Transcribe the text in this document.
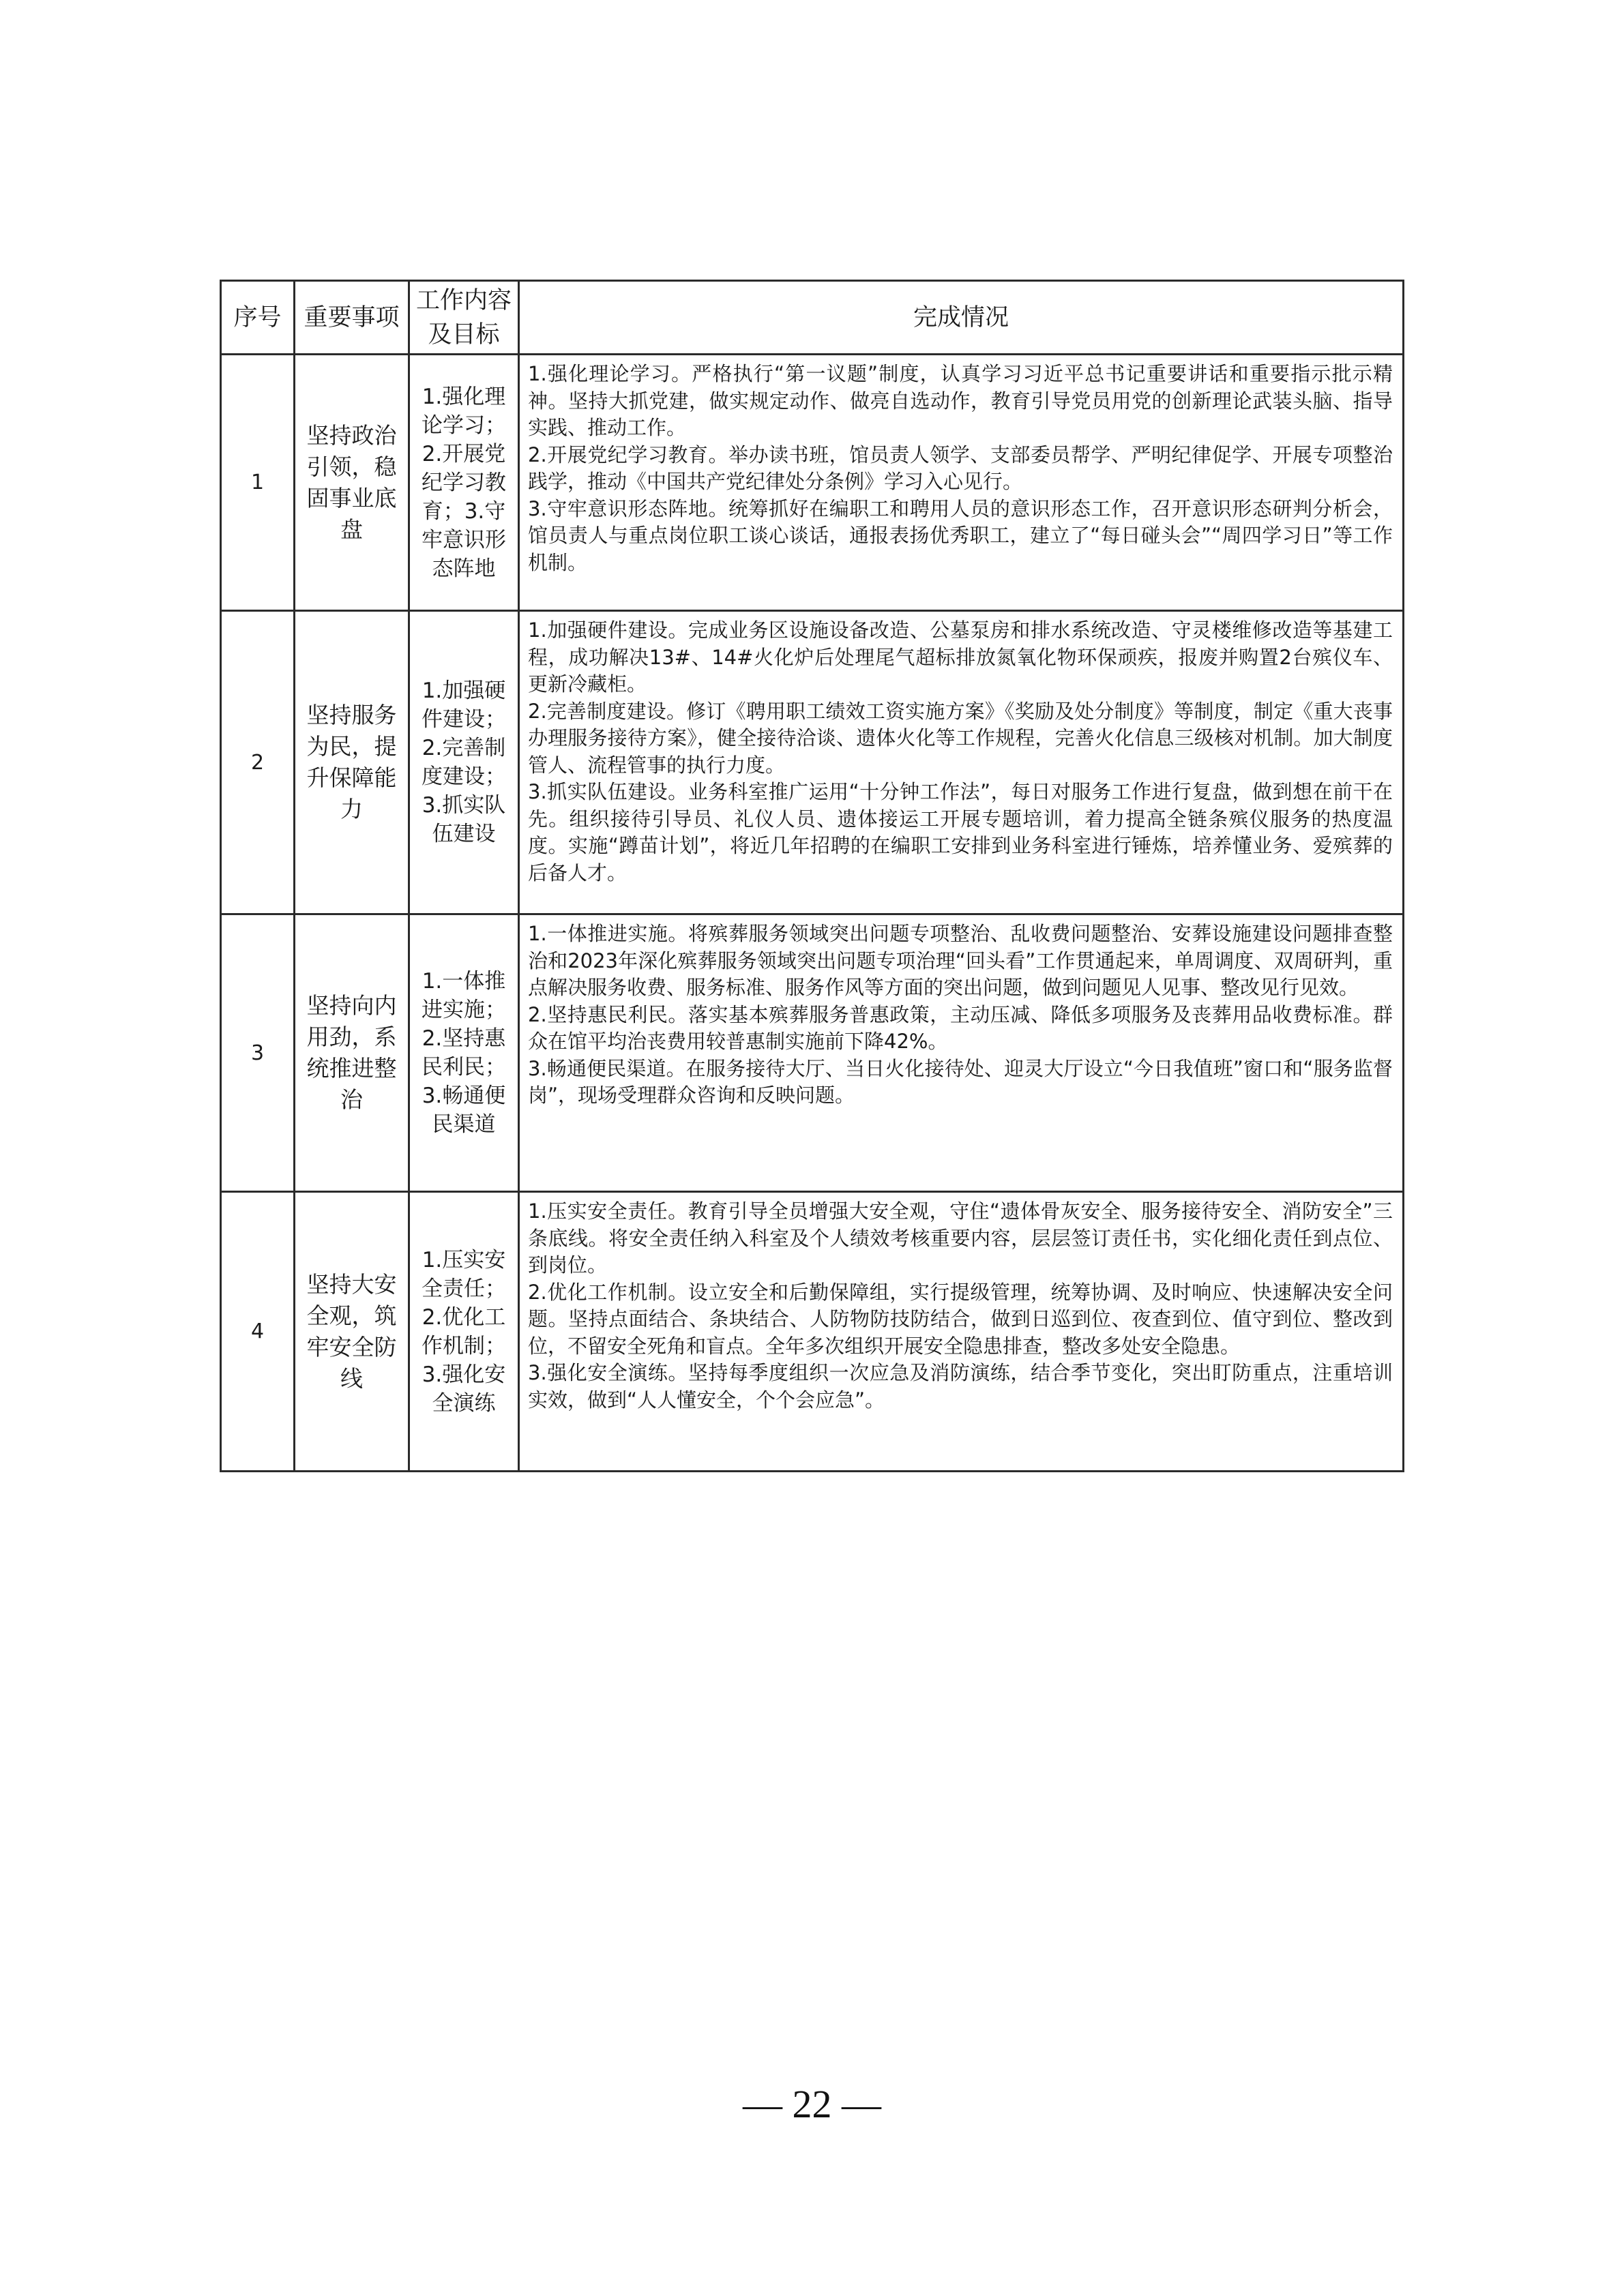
序号	重要事项	工作内容及目标	完成情况
1	坚持政治引领，稳固事业底盘	1.强化理论学习；2.开展党纪学习教育；3.守牢意识形态阵地	1.强化理论学习。严格执行“第一议题”制度，认真学习习近平总书记重要讲话和重要指示批示精神。坚持大抓党建，做实规定动作、做亮自选动作，教育引导党员用党的创新理论武装头脑、指导实践、推动工作。
2.开展党纪学习教育。举办读书班，馆员责人领学、支部委员帮学、严明纪律促学、开展专项整治践学，推动《中国共产党纪律处分条例》学习入心见行。
3.守牢意识形态阵地。统筹抓好在编职工和聘用人员的意识形态工作，召开意识形态研判分析会，馆员责人与重点岗位职工谈心谈话，通报表扬优秀职工，建立了“每日碰头会”“周四学习日”等工作机制。

2	坚持服务为民，提升保障能力	1.加强硬件建设；2.完善制度建设；3.抓实队伍建设	1.加强硬件建设。完成业务区设施设备改造、公墓泵房和排水系统改造、守灵楼维修改造等基建工程，成功解决13#、14#火化炉后处理尾气超标排放氮氧化物环保顽疾，报废并购置2台殡仪车、更新冷藏柜。
2.完善制度建设。修订《聘用职工绩效工资实施方案》《奖励及处分制度》等制度，制定《重大丧事办理服务接待方案》，健全接待洽谈、遗体火化等工作规程，完善火化信息三级核对机制。加大制度管人、流程管事的执行力度。
3.抓实队伍建设。业务科室推广运用“十分钟工作法”，每日对服务工作进行复盘，做到想在前干在先。组织接待引导员、礼仪人员、遗体接运工开展专题培训，着力提高全链条殡仪服务的热度温度。实施“蹲苗计划”，将近几年招聘的在编职工安排到业务科室进行锤炼，培养懂业务、爱殡葬的后备人才。

3	坚持向内用劲，系统推进整治	1.一体推进实施；2.坚持惠民利民；3.畅通便民渠道	1.一体推进实施。将殡葬服务领域突出问题专项整治、乱收费问题整治、安葬设施建设问题排查整治和2023年深化殡葬服务领域突出问题专项治理“回头看”工作贯通起来，单周调度、双周研判，重点解决服务收费、服务标准、服务作风等方面的突出问题，做到问题见人见事、整改见行见效。
2.坚持惠民利民。落实基本殡葬服务普惠政策，主动压减、降低多项服务及丧葬用品收费标准。群众在馆平均治丧费用较普惠制实施前下降42%。
3.畅通便民渠道。在服务接待大厅、当日火化接待处、迎灵大厅设立“今日我值班”窗口和“服务监督岗”，现场受理群众咨询和反映问题。

4	坚持大安全观，筑牢安全防线	1.压实安全责任；2.优化工作机制；3.强化安全演练	1.压实安全责任。教育引导全员增强大安全观，守住“遗体骨灰安全、服务接待安全、消防安全”三条底线。将安全责任纳入科室及个人绩效考核重要内容，层层签订责任书，实化细化责任到点位、到岗位。
2.优化工作机制。设立安全和后勤保障组，实行提级管理，统筹协调、及时响应、快速解决安全问题。坚持点面结合、条块结合、人防物防技防结合，做到日巡到位、夜查到位、值守到位、整改到位，不留安全死角和盲点。全年多次组织开展安全隐患排查，整改多处安全隐患。
3.强化安全演练。坚持每季度组织一次应急及消防演练，结合季节变化，突出盯防重点，注重培训实效，做到“人人懂安全，个个会应急”。
— 22 —
